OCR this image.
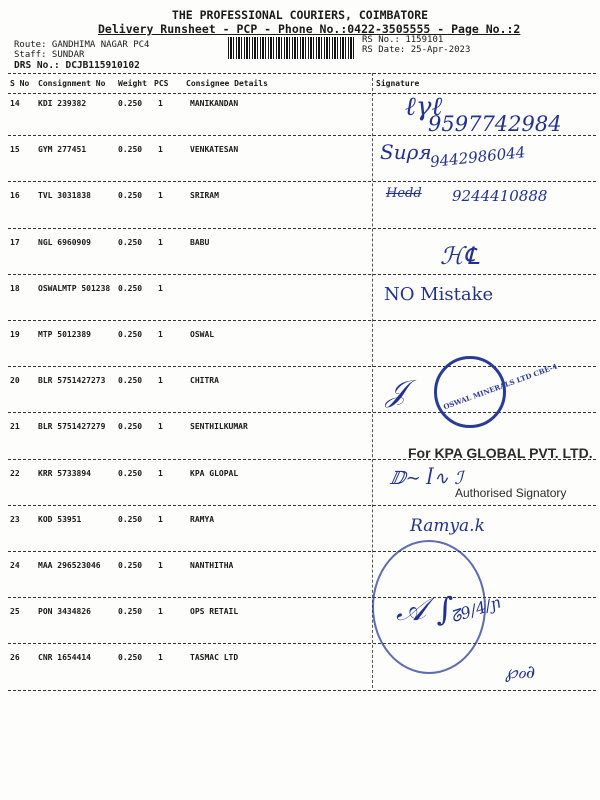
THE PROFESSIONAL COURIERS, COIMBATORE
Delivery Runsheet - PCP - Phone No.:0422-3505555 - Page No.:2
Route: GANDHIMA NAGAR PC4
Staff: SUNDAR
DRS No.: DCJB115910102
RS No.: 1159101
RS Date: 25-Apr-2023
S No Consignment No Weight PCS Consignee Details	Signature
14 KDI 239382	0.250 1	MANIKANDAN
15 GYM 277451	0.250 1	VENKATESAN
16 TVL 3031838	0.250 1	SRIRAM
17 NGL 6960909	0.250 1	BABU
18 OSWALMTP 501238 0.250 1
19 MTP 5012389	0.250 1	OSWAL
20 BLR 5751427273 0.250 1	CHITRA
21 BLR 5751427279 0.250 1	SENTHILKUMAR
22 KRR 5733894	0.250 1	KPA GLOPAL
23 KOD 53951	0.250 1	RAMYA
24 MAA 296523046 0.250 1	NANTHITHA
25 PON 3434826	0.250 1	OPS RETAIL
26 CNR 1654414	0.250 1	TASMAC LTD
ℓγℓ
9597742984
Ѕиρя
9442986044
Hedd 9244410888
ℋ℄
NO Mistake
OSWAL MINERALS LTD CBE-4
𝒥
For KPA GLOBAL PVT. LTD.
ⅅ∼ ꟾ∿ ℐ
Authorised Signatory
Ramya.k
𝒜 ∫
ᘔ9/4/ɲ
℘ℴ∂
